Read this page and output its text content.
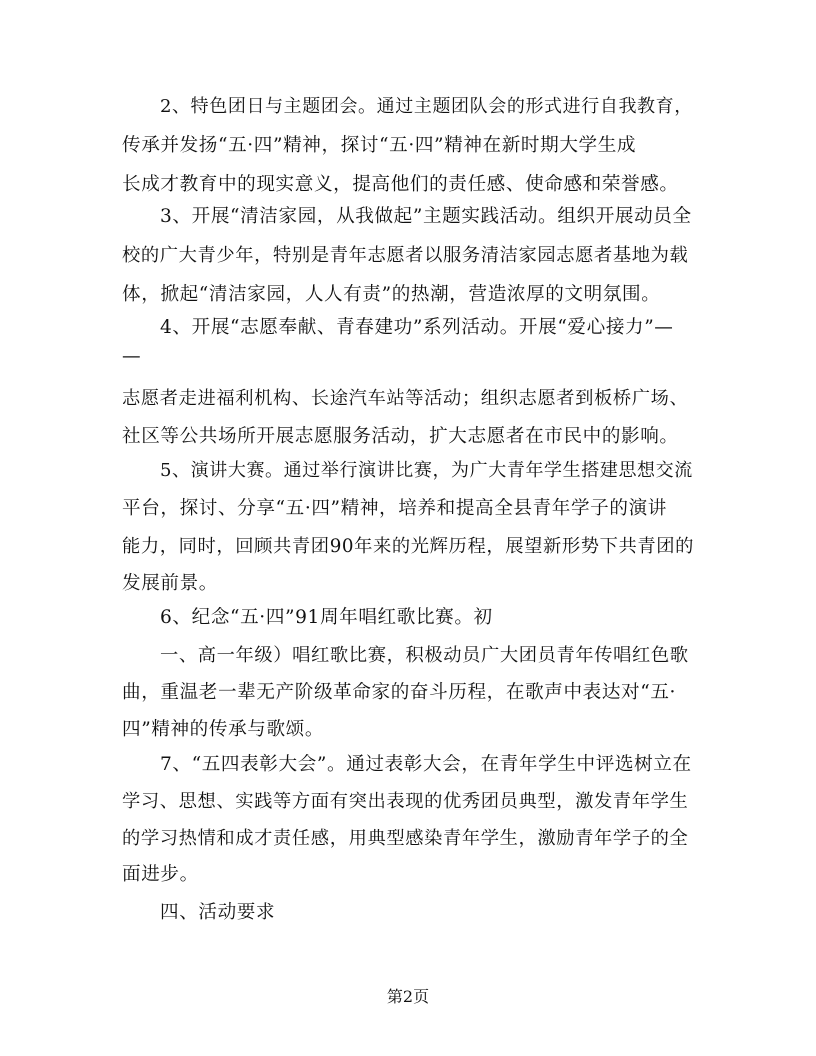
2、特色团日与主题团会。通过主题团队会的形式进行自我教育，
传承并发扬“五·四”精神，探讨“五·四”精神在新时期大学生成
长成才教育中的现实意义，提高他们的责任感、使命感和荣誉感。
3、开展“清洁家园，从我做起”主题实践活动。组织开展动员全
校的广大青少年，特别是青年志愿者以服务清洁家园志愿者基地为载
体，掀起“清洁家园，人人有责”的热潮，营造浓厚的文明氛围。
4、开展“志愿奉献、青春建功”系列活动。开展“爱心接力”—
—
志愿者走进福利机构、长途汽车站等活动；组织志愿者到板桥广场、
社区等公共场所开展志愿服务活动，扩大志愿者在市民中的影响。
5、演讲大赛。通过举行演讲比赛，为广大青年学生搭建思想交流
平台，探讨、分享“五·四”精神，培养和提高全县青年学子的演讲
能力，同时，回顾共青团90年来的光辉历程，展望新形势下共青团的
发展前景。
6、纪念“五·四”91周年唱红歌比赛。初
一、高一年级）唱红歌比赛，积极动员广大团员青年传唱红色歌
曲，重温老一辈无产阶级革命家的奋斗历程，在歌声中表达对“五·
四”精神的传承与歌颂。
7、“五四表彰大会”。通过表彰大会，在青年学生中评选树立在
学习、思想、实践等方面有突出表现的优秀团员典型，激发青年学生
的学习热情和成才责任感，用典型感染青年学生，激励青年学子的全
面进步。
四、活动要求
第2页
